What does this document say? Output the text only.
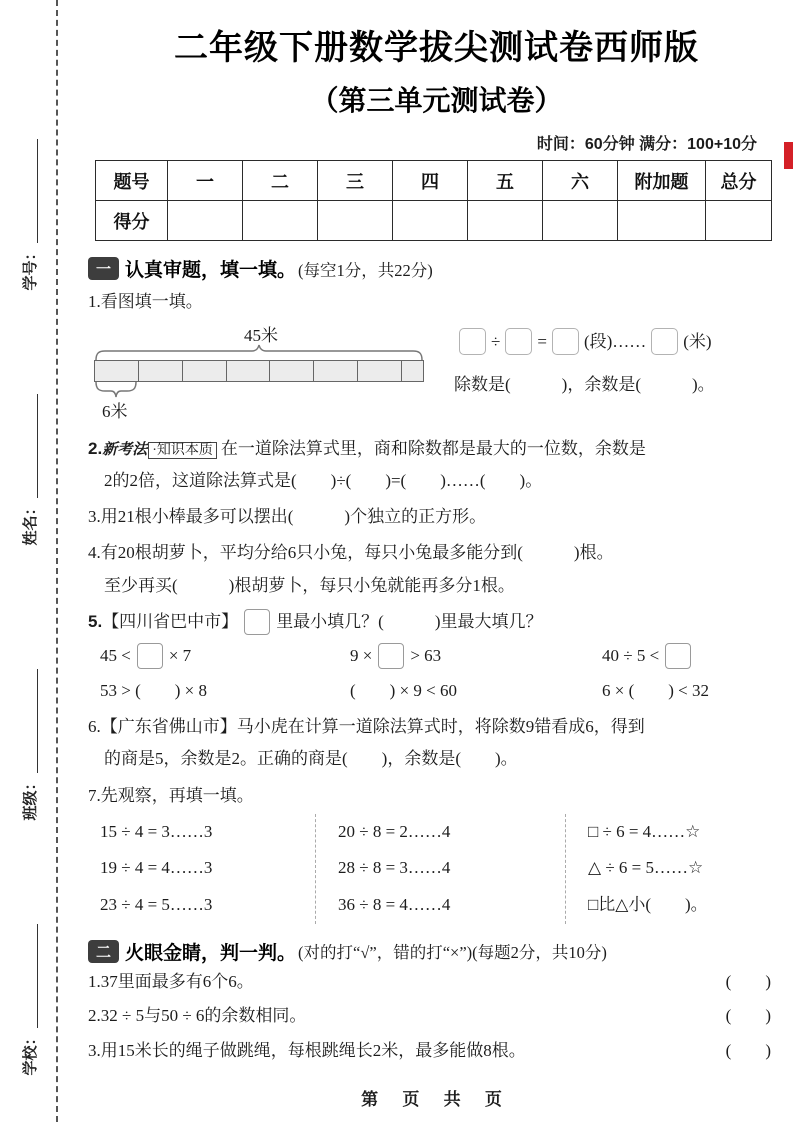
学号：
姓名：
班级：
学校：
二年级下册数学拔尖测试卷西师版
（第三单元测试卷）
时间：60分钟 满分：100+10分
题号	一	二	三	四	五	六	附加题	总分
得分								
一 认真审题，填一填。 (每空1分，共22分)
1.看图填一填。
45米
6米
÷ = (段)…… (米)
除数是(　　　)，余数是(　　　)。
2.新考法 ·知识本质 在一道除法算式里，商和除数都是最大的一位数，余数是
2的2倍，这道除法算式是(　　)÷(　　)=(　　)……(　　)。
3.用21根小棒最多可以摆出(　　　)个独立的正方形。
4.有20根胡萝卜，平均分给6只小兔，每只小兔最多能分到(　　　)根。
至少再买(　　　)根胡萝卜，每只小兔就能再多分1根。
5.【四川省巴中市】 里最小填几？(　　　)里最大填几？
45 < × 7	9 × > 63	40 ÷ 5 <
53 > (　　) × 8	(　　) × 9 < 60	6 × (　　) < 32
6.【广东省佛山市】马小虎在计算一道除法算式时，将除数9错看成6，得到
的商是5，余数是2。正确的商是(　　)，余数是(　　)。
7.先观察，再填一填。
15 ÷ 4 = 3……3
19 ÷ 4 = 4……3
23 ÷ 4 = 5……3
20 ÷ 8 = 2……4
28 ÷ 8 = 3……4
36 ÷ 8 = 4……4
□ ÷ 6 = 4……☆
△ ÷ 6 = 5……☆
□比△小(　　)。
二 火眼金睛，判一判。 (对的打“√”，错的打“×”)(每题2分，共10分)
1.37里面最多有6个6。	(　　)
2.32 ÷ 5与50 ÷ 6的余数相同。	(　　)
3.用15米长的绳子做跳绳，每根跳绳长2米，最多能做8根。	(　　)
第 页 共 页
